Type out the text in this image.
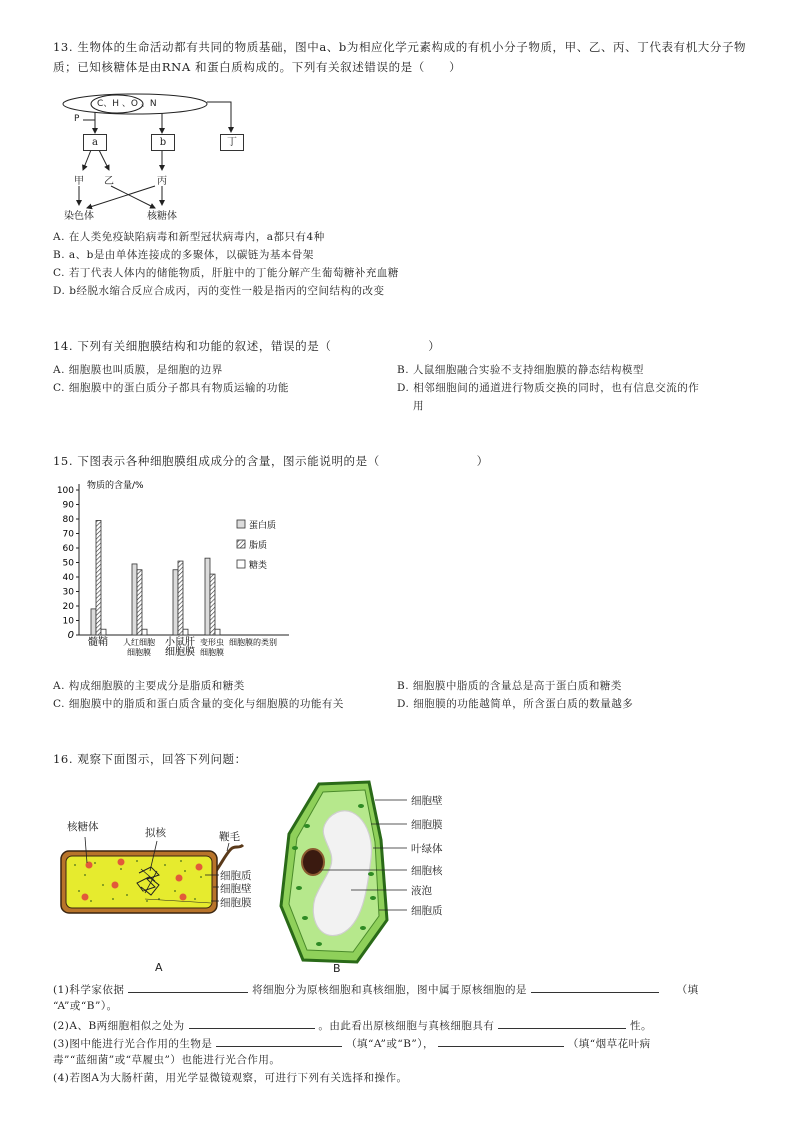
13. 生物体的生命活动都有共同的物质基础，图中a、b为相应化学元素构成的有机小分子物质，甲、乙、丙、丁代表有机大分子物
质；已知核糖体是由RNA 和蛋白质构成的。下列有关叙述错误的是（　　）
C、H 、O 、N
P
a	b	丁
甲 乙	丙
染色体	核糖体
A. 在人类免疫缺陷病毒和新型冠状病毒内，a都只有4种
B. a、b是由单体连接成的多聚体，以碳链为基本骨架
C. 若丁代表人体内的储能物质，肝脏中的丁能分解产生葡萄糖补充血糖
D. b经脱水缩合反应合成丙，丙的变性一般是指丙的空间结构的改变
14. 下列有关细胞膜结构和功能的叙述，错误的是（　　　　　　　　）
A. 细胞膜也叫质膜，是细胞的边界	B. 人鼠细胞融合实验不支持细胞膜的静态结构模型
C. 细胞膜中的蛋白质分子都具有物质运输的功能	D. 相邻细胞间的通道进行物质交换的同时，也有信息交流的作
用
15. 下图表示各种细胞膜组成成分的含量，图示能说明的是（　　　　　　　　）
0
10
20
30
40
50
60
70
80
90
100 物质的含量/%
细胞膜的类别
髓鞘 人红细胞
细胞膜
小鼠肝
细胞膜
变形虫
细胞膜
蛋白质
脂质
糖类
A. 构成细胞膜的主要成分是脂质和糖类	B. 细胞膜中脂质的含量总是高于蛋白质和糖类
C. 细胞膜中的脂质和蛋白质含量的变化与细胞膜的功能有关	D. 细胞膜的功能越简单，所含蛋白质的数量越多
16. 观察下面图示，回答下列问题：
核糖体	拟核	鞭毛
细胞质
细胞壁
细胞膜
A
细胞壁
细胞膜
叶绿体
细胞核
液泡
细胞质
B
(1)科学家依据	将细胞分为原核细胞和真核细胞，图中属于原核细胞的是	（填
“A”或“B”）。
(2)A、B两细胞相似之处为	。由此看出原核细胞与真核细胞具有	性。
(3)图中能进行光合作用的生物是	（填“A”或“B”），	（填“烟草花叶病
毒”“蓝细菌”或“草履虫”）也能进行光合作用。
(4)若图A为大肠杆菌，用光学显微镜观察，可进行下列有关选择和操作。
